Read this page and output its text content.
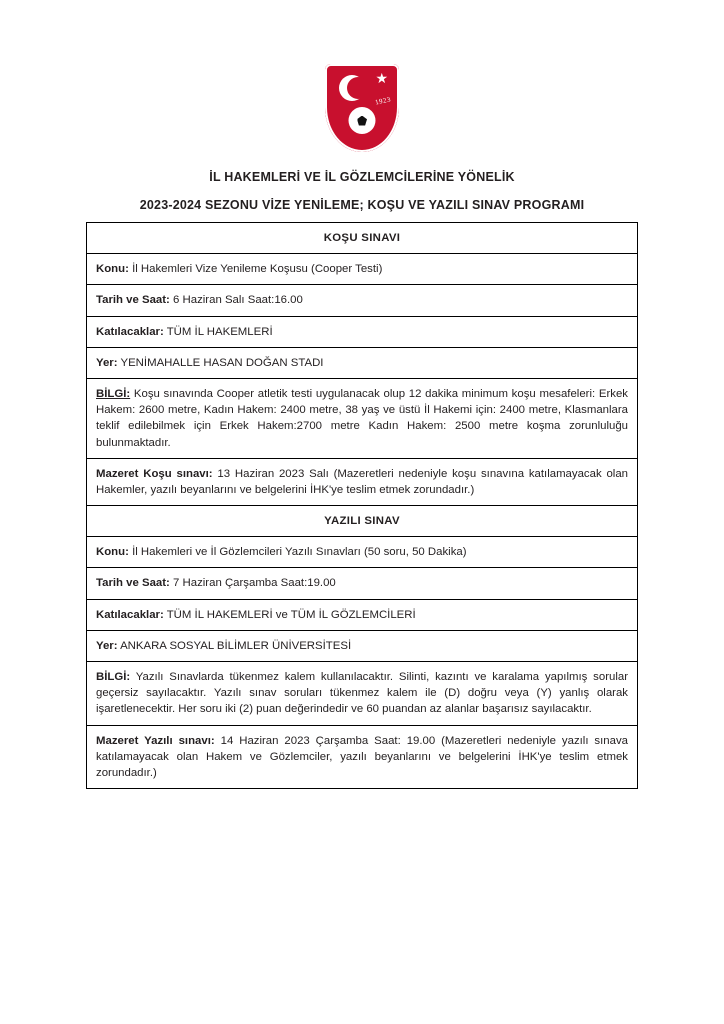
★
1923
İL HAKEMLERİ VE İL GÖZLEMCİLERİNE YÖNELİK
2023-2024 SEZONU VİZE YENİLEME; KOŞU VE YAZILI SINAV PROGRAMI
KOŞU SINAVI
Konu: İl Hakemleri Vize Yenileme Koşusu (Cooper Testi)
Tarih ve Saat: 6 Haziran Salı Saat:16.00
Katılacaklar: TÜM İL HAKEMLERİ
Yer: YENİMAHALLE HASAN DOĞAN STADI
BİLGİ: Koşu sınavında Cooper atletik testi uygulanacak olup 12 dakika minimum koşu mesafeleri: Erkek Hakem: 2600 metre, Kadın Hakem: 2400 metre, 38 yaş ve üstü İl Hakemi için: 2400 metre, Klasmanlara teklif edilebilmek için Erkek Hakem:2700 metre Kadın Hakem: 2500 metre koşma zorunluluğu bulunmaktadır.
Mazeret Koşu sınavı: 13 Haziran 2023 Salı (Mazeretleri nedeniyle koşu sınavına katılamayacak olan Hakemler, yazılı beyanlarını ve belgelerini İHK'ye teslim etmek zorundadır.)
YAZILI SINAV
Konu: İl Hakemleri ve İl Gözlemcileri Yazılı Sınavları (50 soru, 50 Dakika)
Tarih ve Saat: 7 Haziran Çarşamba Saat:19.00
Katılacaklar: TÜM İL HAKEMLERİ ve TÜM İL GÖZLEMCİLERİ
Yer: ANKARA SOSYAL BİLİMLER ÜNİVERSİTESİ
BİLGİ: Yazılı Sınavlarda tükenmez kalem kullanılacaktır. Silinti, kazıntı ve karalama yapılmış sorular geçersiz sayılacaktır. Yazılı sınav soruları tükenmez kalem ile (D) doğru veya (Y) yanlış olarak işaretlenecektir. Her soru iki (2) puan değerindedir ve 60 puandan az alanlar başarısız sayılacaktır.
Mazeret Yazılı sınavı: 14 Haziran 2023 Çarşamba Saat: 19.00 (Mazeretleri nedeniyle yazılı sınava katılamayacak olan Hakem ve Gözlemciler, yazılı beyanlarını ve belgelerini İHK'ye teslim etmek zorundadır.)
